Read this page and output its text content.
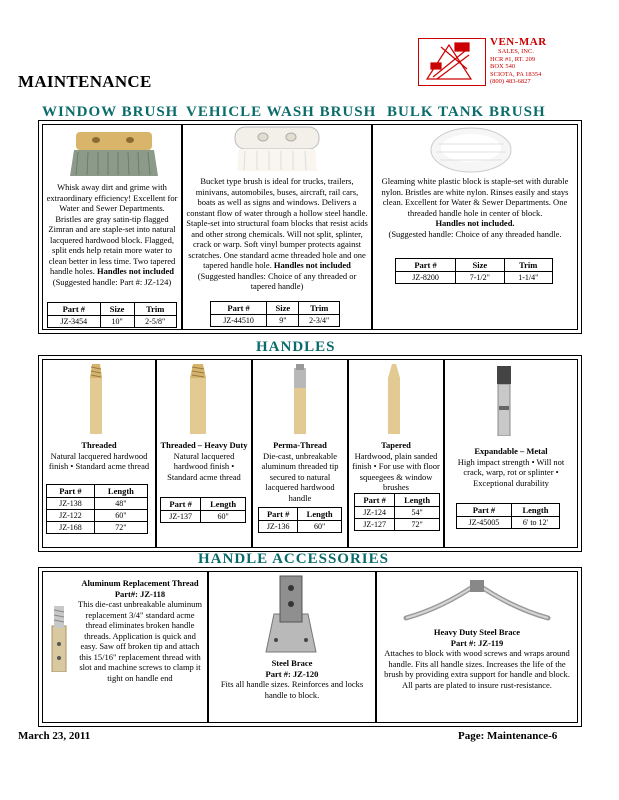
VEN-MAR
SALES, INC.
HCR #1, RT. 209
BOX 540
SCIOTA, PA 18354
(800) 483-6827
MAINTENANCE
WINDOW BRUSH VEHICLE WASH BRUSH BULK TANK BRUSH
Whisk away dirt and grime with extraordinary efficiency! Excellent for Water and Sewer Departments. Bristles are gray satin-tip flagged Zimran and are staple-set into natural lacquered hardwood block. Flagged, split ends help retain more water to clean better in less time. Two tapered handle holes. Handles not included (Suggested handle: Part #: JZ-124)
Part #	Size	Trim
JZ-3454	10"	2-5/8"
Bucket type brush is ideal for trucks, trailers, minivans, automobiles, buses, aircraft, rail cars, boats as well as signs and windows. Delivers a constant flow of water through a hollow steel handle. Staple-set into structural foam blocks that resist acids and other strong chemicals. Will not split, splinter, crack or warp. Soft vinyl bumper protects against scratches. One standard acme threaded hole and one tapered handle hole. Handles not included (Suggested handles: Choice of any threaded or tapered handle)
Part #	Size	Trim
JZ-44510	9"	2-3/4"
Gleaming white plastic block is staple-set with durable nylon. Bristles are white nylon. Rinses easily and stays clean. Excellent for Water & Sewer Departments. One threaded handle hole in center of block.
Handles not included.
(Suggested handle: Choice of any threaded handle.
Part #	Size	Trim
JZ-8200	7-1/2"	1-1/4"
HANDLES
Threaded
Natural lacquered hardwood finish • Standard acme thread
Part #	Length
JZ-138	48"
JZ-122	60"
JZ-168	72"
Threaded – Heavy Duty
Natural lacquered hardwood finish • Standard acme thread
Part #	Length
JZ-137	60"
Perma-Thread
Die-cast, unbreakable aluminum threaded tip secured to natural lacquered hardwood handle
Part #	Length
JZ-136	60"
Tapered
Hardwood, plain sanded finish • For use with floor squeegees & window brushes
Part #	Length
JZ-124	54"
JZ-127	72"
Expandable – Metal
High impact strength • Will not crack, warp, rot or splinter • Exceptional durability
Part #	Length
JZ-45005	6' to 12'
HANDLE ACCESSORIES
Aluminum Replacement Thread
Part#: JZ-118
This die-cast unbreakable aluminum replacement 3/4" standard acme thread eliminates broken handle threads. Application is quick and easy. Saw off broken tip and attach this 15/16" replacement thread with slot and machine screws to clamp it tight on handle end
Steel Brace
Part #: JZ-120
Fits all handle sizes. Reinforces and locks handle to block.
Heavy Duty Steel Brace
Part #: JZ-119
Attaches to block with wood screws and wraps around handle. Fits all handle sizes. Increases the life of the brush by providing extra support for handle and block. All parts are plated to insure rust-resistance.
March 23, 2011	Page: Maintenance-6
